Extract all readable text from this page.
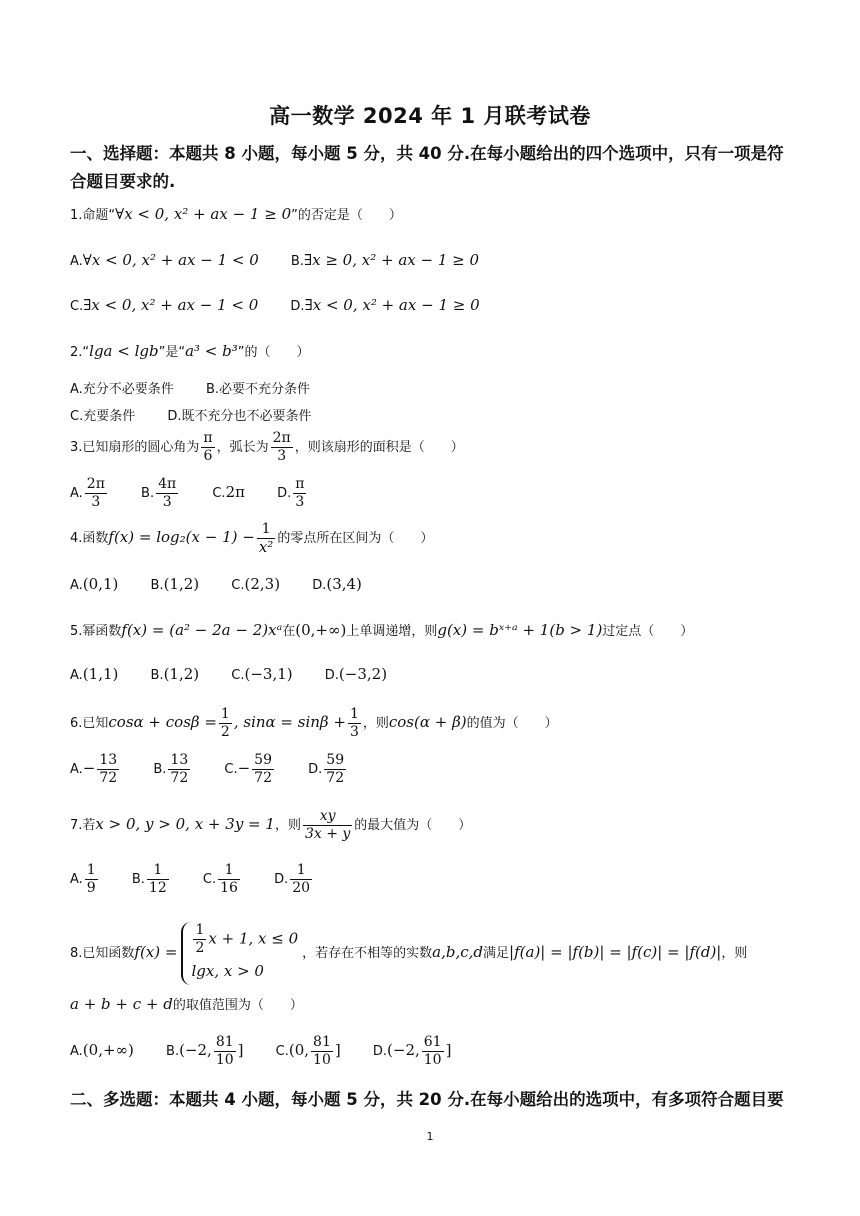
高一数学 2024 年 1 月联考试卷
一、选择题：本题共 8 小题，每小题 5 分，共 40 分.在每小题给出的四个选项中，只有一项是符合题目要求的.
1.命题“∀x < 0, x² + ax − 1 ≥ 0”的否定是（　　）
A.∀x < 0, x² + ax − 1 < 0 B.∃x ≥ 0, x² + ax − 1 ≥ 0
C.∃x < 0, x² + ax − 1 < 0 D.∃x < 0, x² + ax − 1 ≥ 0
2.“lga < lgb”是“a³ < b³”的（　　）
A.充分不必要条件 B.必要不充分条件
C.充要条件 D.既不充分也不必要条件
3.已知扇形的圆心角为 $\frac{\pi}{6}$ ，弧长为 $\frac{2\pi}{3}$ ，则该扇形的面积是（　　）
A. $\frac{2\pi}{3}$	B. $\frac{4\pi}{3}$	C.2π D. $\frac{\pi}{3}$
4.函数$f(x) = \log_2(x - 1) - \frac{1}{\text{x²}}$ 的零点所在区间为（　　）
A.(0,1) B.(1,2) C.(2,3) D.(3,4)
5.幂函数f(x) = (a² − 2a − 2)xᵃ在(0,+∞)上单调递增，则g(x) = bˣ⁺ᵃ + 1(b > 1)过定点（　　）
A.(1,1) B.(1,2) C.(−3,1) D.(−3,2)
6.已知$\cos\alpha + \cos\beta = \frac{1}{2}$ , $\sin\alpha = \sin\beta + \frac{1}{3}$ ，则cos(α + β)的值为（　　）
$A.- \frac{13}{72}$	B. $\frac{13}{72}$	$C.- \frac{59}{72}$	D. $\frac{59}{72}$
7.若x > 0, y > 0, x + 3y = 1，则 $\frac{xy}{3x + y}$ 的最大值为（　　）
A. $\frac{1}{9}$	B. $\frac{1}{12}$	C. $\frac{1}{16}$	D. $\frac{1}{20}$
8.已知函数$f(x) = \frac{1}{2}$ x + 1, x ≤ 0
lgx, x > 0
，若存在不相等的实数a,b,c,d满足|f(a)| = |f(b)| = |f(c)| = |f(d)|，则
a + b + c + d的取值范围为（　　）
A.(0,+∞) B.(−2, $\frac{81}{10}$ ] C.(0, $\frac{81}{10}$ ] D.(−2, $\frac{61}{10}$ ]
二、多选题：本题共 4 小题，每小题 5 分，共 20 分.在每小题给出的选项中，有多项符合题目要
1
